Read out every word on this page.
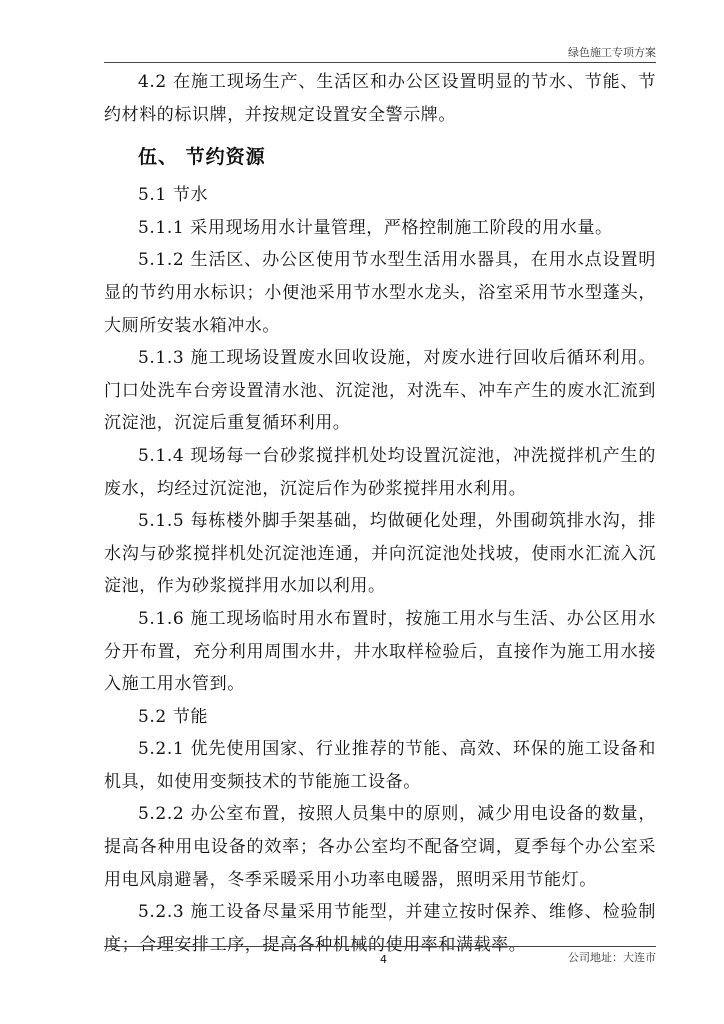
绿色施工专项方案

4.2 在施工现场生产、生活区和办公区设置明显的节水、节能、节约材料的标识牌，并按规定设置安全警示牌。

伍、 节约资源

5.1 节水

5.1.1 采用现场用水计量管理，严格控制施工阶段的用水量。

5.1.2 生活区、办公区使用节水型生活用水器具，在用水点设置明显的节约用水标识；小便池采用节水型水龙头，浴室采用节水型蓬头，大厕所安装水箱冲水。

5.1.3 施工现场设置废水回收设施，对废水进行回收后循环利用。门口处洗车台旁设置清水池、沉淀池，对洗车、冲车产生的废水汇流到沉淀池，沉淀后重复循环利用。

5.1.4 现场每一台砂浆搅拌机处均设置沉淀池，冲洗搅拌机产生的废水，均经过沉淀池，沉淀后作为砂浆搅拌用水利用。

5.1.5 每栋楼外脚手架基础，均做硬化处理，外围砌筑排水沟，排水沟与砂浆搅拌机处沉淀池连通，并向沉淀池处找坡，使雨水汇流入沉淀池，作为砂浆搅拌用水加以利用。

5.1.6 施工现场临时用水布置时，按施工用水与生活、办公区用水分开布置，充分利用周围水井，井水取样检验后，直接作为施工用水接入施工用水管到。

5.2 节能

5.2.1 优先使用国家、行业推荐的节能、高效、环保的施工设备和机具，如使用变频技术的节能施工设备。

5.2.2 办公室布置，按照人员集中的原则，减少用电设备的数量，提高各种用电设备的效率；各办公室均不配备空调，夏季每个办公室采用电风扇避暑，冬季采暖采用小功率电暖器，照明采用节能灯。

5.2.3 施工设备尽量采用节能型，并建立按时保养、维修、检验制度；合理安排工序，提高各种机械的使用率和满载率。

4	公司地址：大连市
